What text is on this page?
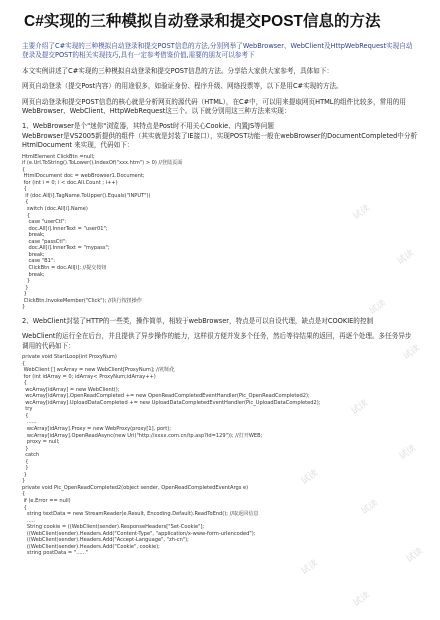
C#实现的三种模拟自动登录和提交POST信息的方法

主要介绍了C#实现的三种模拟自动登录和提交POST信息的方法,分别列举了WebBrowser、WebClient及HttpWebRequest实现自动登录及提交POST的相关实现技巧,具有一定参考借鉴价值,需要的朋友可以参考下

本文实例讲述了C#实现的三种模拟自动登录和提交POST信息的方法。分享给大家供大家参考，具体如下：

网页自动登录（提交Post内容）的用途很多，如验证身份、程序升级、网络投票等，以下是用C#实现的方法。

网页自动登录和提交POST信息的核心就是分析网页的源代码（HTML），在C#中，可以用来提取网页HTML的组件比较多，常用的用WebBrowser、WebClient、HttpWebRequest这三个。以下就分别用这三种方法来实现：

1、WebBrowser是个"迷你"浏览器，其特点是Post时不用关心Cookie、内置JS等问题

WebBrowser是VS2005新提供的组件（其实就是封装了IE接口），实现POST功能一般在webBrowser的DocumentCompleted中分析HtmlDocument 来实现，代码如下：

HtmlElement ClickBtn =null;
if (e.Url.ToString().ToLower().IndexOf("xxx.htm") > 0) //登陆页面
{
HtmlDocument doc = webBrowser1.Document;
for (int i = 0; i < doc.All.Count ; i++)
{
if (doc.All[i].TagName.ToUpper().Equals("INPUT"))
{
switch (doc.All[i].Name)
{
case "userCtl":
doc.All[i].InnerText = "user01";
break;
case "passCtl":
doc.All[i].InnerText = "mypass";
break;
case "B1":
ClickBtn = doc.All[i]; //提交按钮
break;
}
}
}
ClickBtn.InvokeMember("Click"); //执行按扭操作
}

2、WebClient封装了HTTP的一些类，操作简单，相较于webBrowser，特点是可以自设代理，缺点是对COOKIE的控制

WebClient的运行全在后台，并且提供了异步操作的能力，这样很方便并发多个任务，然后等待结果的返回，再逐个处理。多任务异步调用的代码如下：

private void StartLoop(int ProxyNum)
{
WebClient [] wcArray = new WebClient[ProxyNum]; //初始化
for (int idArray = 0; idArray< ProxyNum;idArray++)
{
wcArray[idArray] = new WebClient();
wcArray[idArray].OpenReadCompleted += new OpenReadCompletedEventHandler(Pic_OpenReadCompleted2);
wcArray[idArray].UploadDataCompleted += new UploadDataCompletedEventHandler(Pic_UploadDataCompleted2);
try
{
......
wcArray[idArray].Proxy = new WebProxy(proxy[1], port);
wcArray[idArray].OpenReadAsync(new Uri("http://xxxx.com.cn/tp.asp?Id=129")); //打开WEB;
proxy = null;
}
catch
{
}
}
}
private void Pic_OpenReadCompleted2(object sender, OpenReadCompletedEventArgs e)
{
if (e.Error == null)
{
string textData = new StreamReader(e.Result, Encoding.Default).ReadToEnd(); //取返回信息
.....
String cookie = ((WebClient)sender).ResponseHeaders["Set-Cookie"];
((WebClient)sender).Headers.Add("Content-Type", "application/x-www-form-urlencoded");
((WebClient)sender).Headers.Add("Accept-Language", "zh-cn");
((WebClient)sender).Headers.Add("Cookie", cookie);
string postData = "......"
试读
试读
试读
试读
试读
试读
试读
试读
试读
试读
试读
